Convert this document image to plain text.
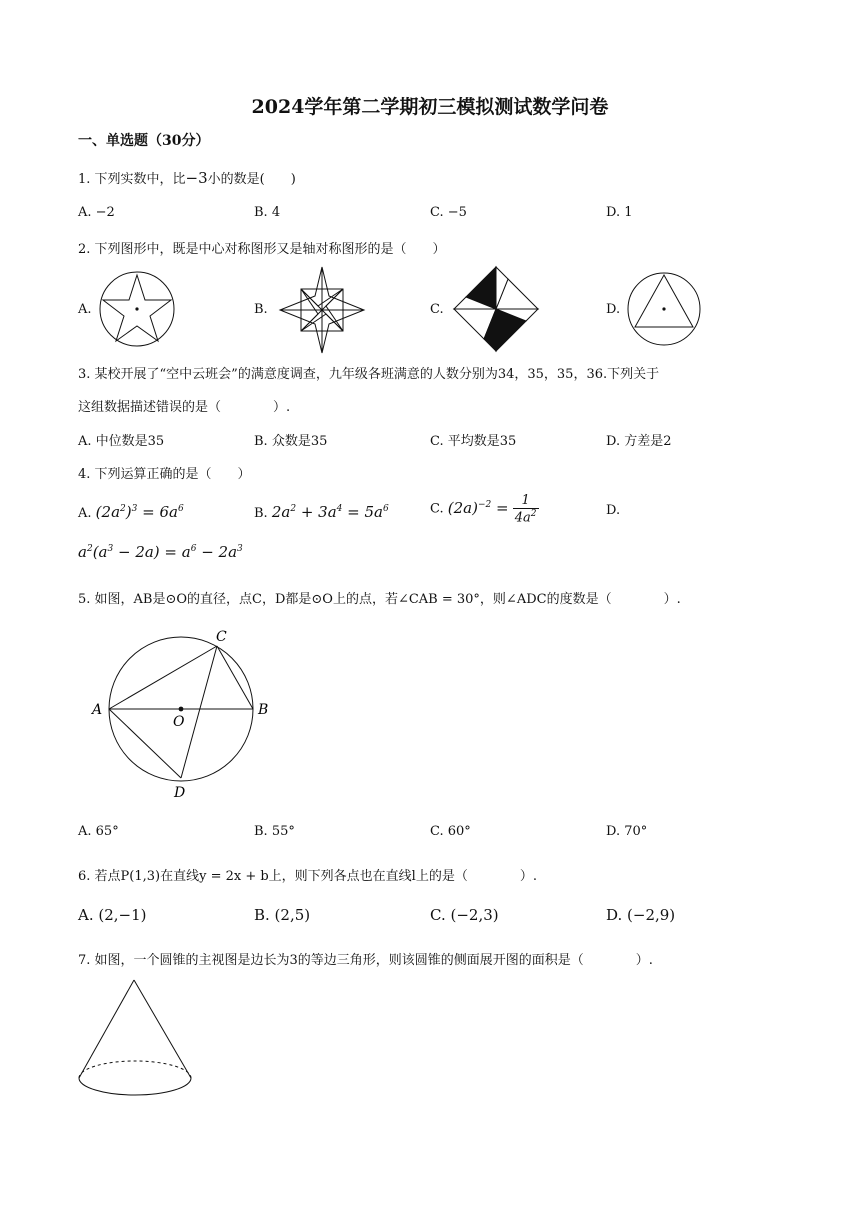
2024学年第二学期初三模拟测试数学问卷
一、单选题（30分）
1. 下列实数中，比−3小的数是(　　)
A. −2	B. 4	C. −5	D. 1
2. 下列图形中，既是中心对称图形又是轴对称图形的是（　　）
A.	B.	C.	D.
3. 某校开展了“空中云班会”的满意度调查，九年级各班满意的人数分别为34，35，35，36.下列关于
这组数据描述错误的是（　　　　）.
A. 中位数是35	B. 众数是35	C. 平均数是35	D. 方差是2
4. 下列运算正确的是（　　）
A. $(2a^2)^3 = 6a^6$	B. $2a^2 + 3a^4 = 5a^6$	C. $(2a)^{-2} = \frac{1}{4a^2}$	D.
$a^2(a^3 - 2a) = a^6 - 2a^3$
5. 如图，AB是⊙O的直径，点C，D都是⊙O上的点，若∠CAB = 30°，则∠ADC的度数是（　　　　）.
A	B
C
D
O
A. 65°	B. 55°	C. 60°	D. 70°
6. 若点P(1,3)在直线y = 2x + b上，则下列各点也在直线l上的是（　　　　）.
A. (2,−1)	B. (2,5)	C. (−2,3)	D. (−2,9)
7. 如图，一个圆锥的主视图是边长为3的等边三角形，则该圆锥的侧面展开图的面积是（　　　　）.
